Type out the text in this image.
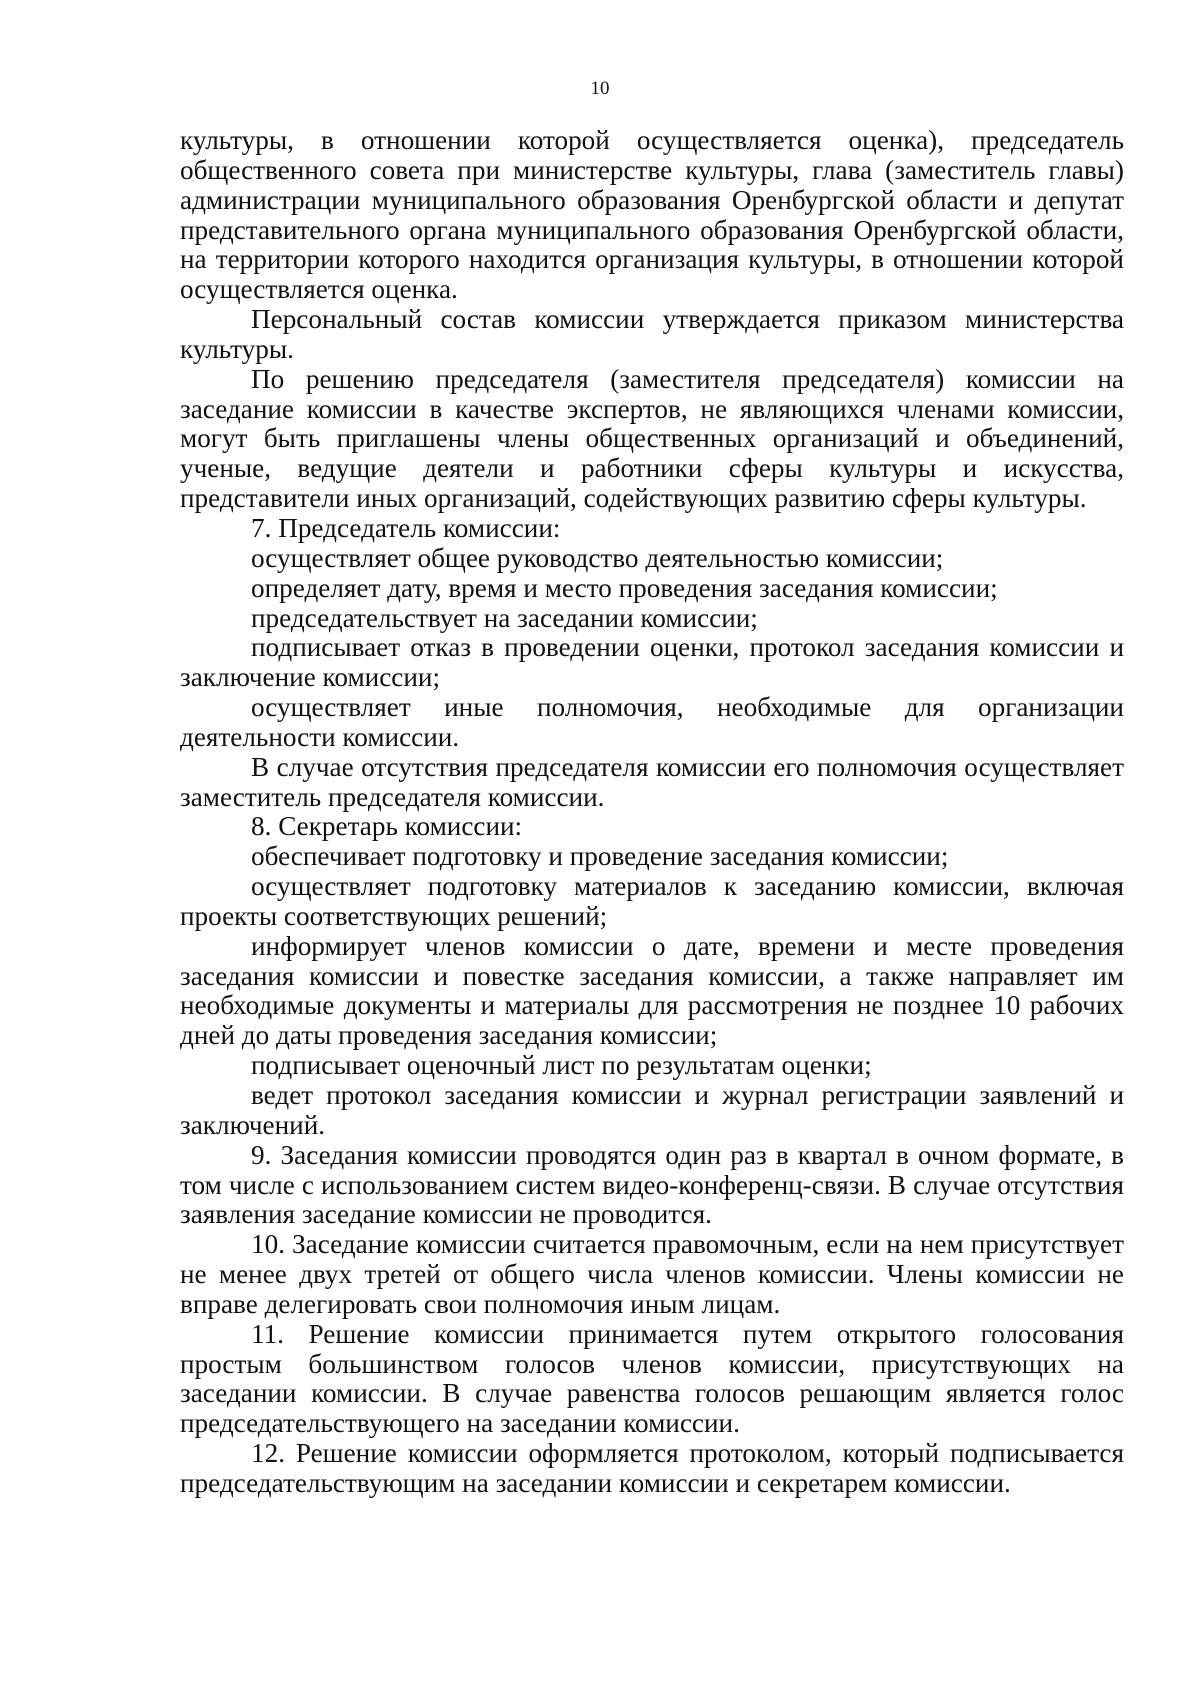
10

культуры, в отношении которой осуществляется оценка), председатель общественного совета при министерстве культуры, глава (заместитель главы) администрации муниципального образования Оренбургской области и депутат представительного органа муниципального образования Оренбургской области, на территории которого находится организация культуры, в отношении которой осуществляется оценка.

Персональный состав комиссии утверждается приказом министерства культуры.

По решению председателя (заместителя председателя) комиссии на заседание комиссии в качестве экспертов, не являющихся членами комиссии, могут быть приглашены члены общественных организаций и объединений, ученые, ведущие деятели и работники сферы культуры и искусства, представители иных организаций, содействующих развитию сферы культуры.

7. Председатель комиссии:

осуществляет общее руководство деятельностью комиссии;

определяет дату, время и место проведения заседания комиссии;

председательствует на заседании комиссии;

подписывает отказ в проведении оценки, протокол заседания комиссии и заключение комиссии;

осуществляет иные полномочия, необходимые для организации деятельности комиссии.

В случае отсутствия председателя комиссии его полномочия осуществляет заместитель председателя комиссии.

8. Секретарь комиссии:

обеспечивает подготовку и проведение заседания комиссии;

осуществляет подготовку материалов к заседанию комиссии, включая проекты соответствующих решений;

информирует членов комиссии о дате, времени и месте проведения заседания комиссии и повестке заседания комиссии, а также направляет им необходимые документы и материалы для рассмотрения не позднее 10 рабочих дней до даты проведения заседания комиссии;

подписывает оценочный лист по результатам оценки;

ведет протокол заседания комиссии и журнал регистрации заявлений и заключений.

9. Заседания комиссии проводятся один раз в квартал в очном формате, в том числе с использованием систем видео-конференц-связи. В случае отсутствия заявления заседание комиссии не проводится.

10. Заседание комиссии считается правомочным, если на нем присутствует не менее двух третей от общего числа членов комиссии. Члены комиссии не вправе делегировать свои полномочия иным лицам.

11. Решение комиссии принимается путем открытого голосования простым большинством голосов членов комиссии, присутствующих на заседании комиссии. В случае равенства голосов решающим является голос председательствующего на заседании комиссии.

12. Решение комиссии оформляется протоколом, который подписывается председательствующим на заседании комиссии и секретарем комиссии.
